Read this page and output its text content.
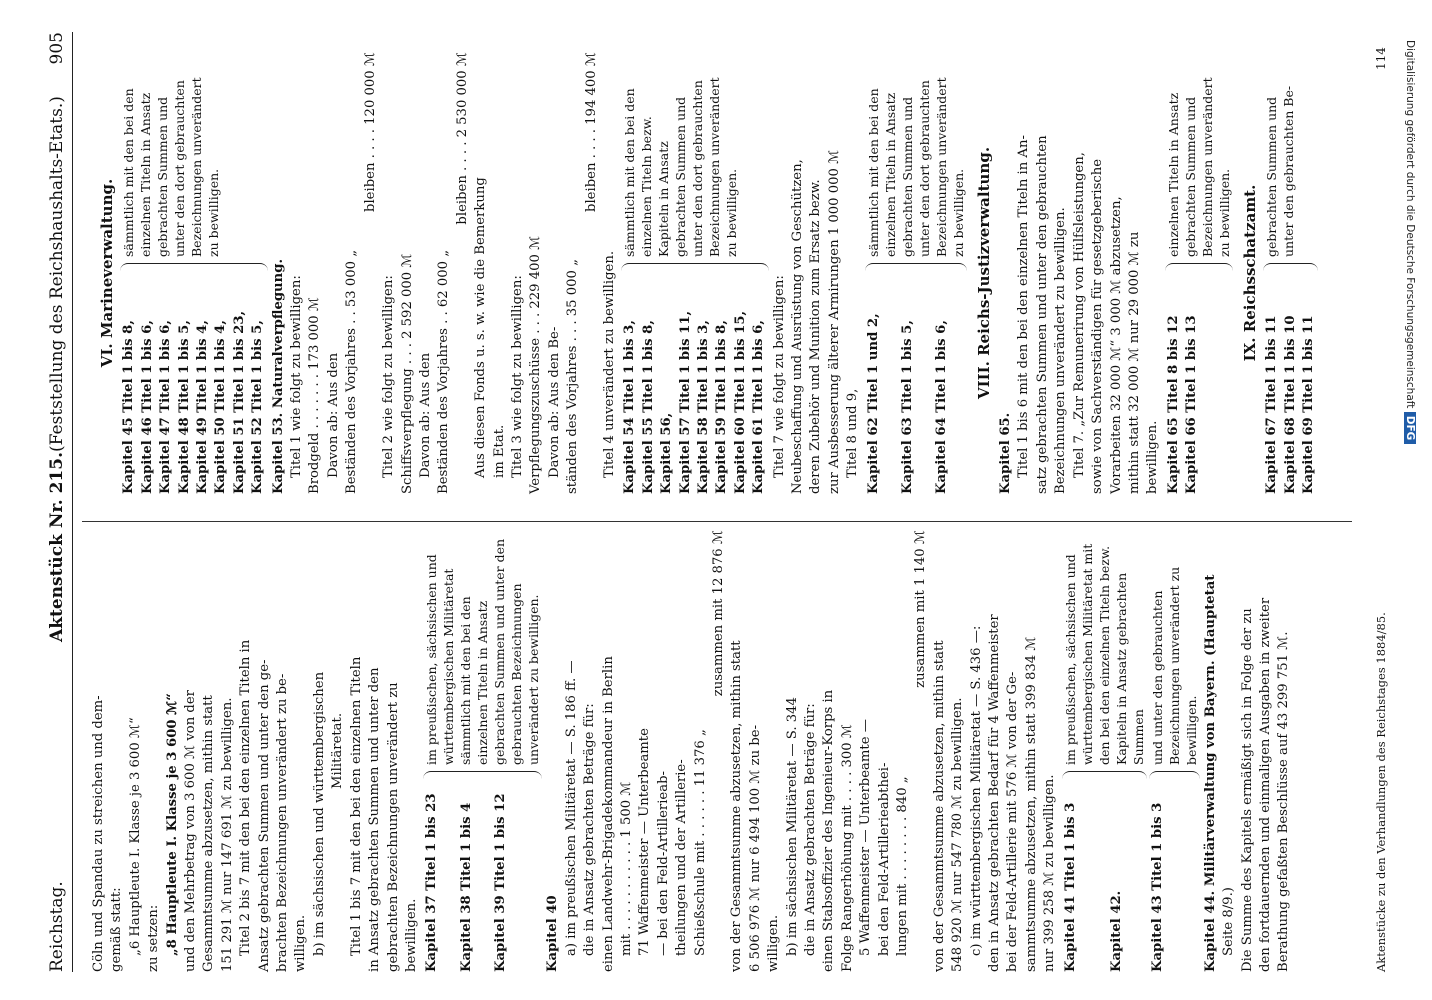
Reichstag.
Aktenstück Nr. 215.
(Feststellung des Reichshaushalts-Etats.)
905

Cöln und Spandau zu streichen und dem- gemäß statt: „6 Hauptleute I. Klasse je 3 600 ℳ“ zu setzen: „8 Hauptleute I. Klasse je 3 600 ℳ“ und den Mehrbetrag von 3 600 ℳ von der Gesammtsumme abzusetzen, mithin statt 151 291 ℳ nur 147 691 ℳ zu bewilligen. Titel 2 bis 7 mit den bei den einzelnen Titeln in Ansatz gebrachten Summen und unter den ge- brachten Bezeichnungen unverändert zu be- willigen. b) im sächsischen und württembergischen Militäretat. Titel 1 bis 7 mit den bei den einzelnen Titeln in Ansatz gebrachten Summen und unter den gebrachten Bezeichnungen unverändert zu bewilligen. Kapitel 37 Titel 1 bis 23 Kapitel 38 Titel 1 bis 4 Kapitel 39 Titel 1 bis 12

im preußischen, sächsischen und württembergischen Militäretat sämmtlich mit den bei den einzelnen Titeln in Ansatz gebrachten Summen und unter den gebrauchten Bezeichnungen unverändert zu bewilligen.

Kapitel 40 a) im preußischen Militäretat — S. 186 ff. — die in Ansatz gebrachten Beträge für: einen Landwehr-Brigadekommandeur in Berlin mit . . . . . . . . . . . 1 500 ℳ 71 Waffenmeister — Unterbeamte — bei den Feld-Artillerieab- theilungen und der Artillerie- Schießschule mit . . . . . . 11 376 „

zusammen mit 12 876 ℳ

von der Gesammtsumme abzusetzen, mithin statt 6 506 976 ℳ nur 6 494 100 ℳ zu be- willigen. b) im sächsischen Militäretat — S. 344 die in Ansatz gebrachten Beträge für: einen Stabsoffizier des Ingenieur-Korps in Folge Rangerhöhung mit . . . . 300 ℳ 5 Waffenmeister — Unterbeamte — bei den Feld-Artillerieabthei- lungen mit . . . . . . . . 840 „

zusammen mit 1 140 ℳ

von der Gesammtsumme abzusetzen, mithin statt 548 920 ℳ nur 547 780 ℳ zu bewilligen. c) im württembergischen Militäretat — S. 436 —: den in Ansatz gebrachten Bedarf für 4 Waffenmeister bei der Feld-Artillerie mit 576 ℳ von der Ge- sammtsumme abzusetzen, mithin statt 399 834 ℳ nur 399 258 ℳ zu bewilligen. Kapitel 41 Titel 1 bis 3 Kapitel 42.

im preußischen, sächsischen und württembergischen Militäretat mit den bei den einzelnen Titeln bezw. Kapiteln in Ansatz gebrachten Summen

Kapitel 43 Titel 1 bis 3

und unter den gebrauchten Bezeichnungen unverändert zu bewilligen. Kapitel 44. Militärverwaltung von Bayern. (Hauptetat Seite 8/9.) Die Summe des Kapitels ermäßigt sich in Folge der zu den fortdauernden und einmaligen Ausgaben in zweiter Berathung gefaßten Beschlüsse auf 43 299 751 ℳ.

VI. Marineverwaltung.

Kapitel 45 Titel 1 bis 8, Kapitel 46 Titel 1 bis 6, Kapitel 47 Titel 1 bis 6, Kapitel 48 Titel 1 bis 5, Kapitel 49 Titel 1 bis 4, Kapitel 50 Titel 1 bis 4, Kapitel 51 Titel 1 bis 23, Kapitel 52 Titel 1 bis 5,

sämmtlich mit den bei den einzelnen Titeln in Ansatz gebrachten Summen und unter den dort gebrauchten Bezeichnungen unverändert zu bewilligen.

Kapitel 53. Naturalverpflegung. Titel 1 wie folgt zu bewilligen: Brodgeld . . . . . . . 173 000 ℳ Davon ab: Aus den Beständen des Vorjahres . . 53 000 „

bleiben . . . . 120 000 ℳ

Titel 2 wie folgt zu bewilligen: Schiffsverpflegung . . . 2 592 000 ℳ Davon ab: Aus den Beständen des Vorjahres . . 62 000 „

bleiben . . . . 2 530 000 ℳ

Aus diesen Fonds u. s. w. wie die Bemerkung im Etat. Titel 3 wie folgt zu bewilligen: Verpflegungszuschüsse . . . 229 400 ℳ Davon ab: Aus den Be- ständen des Vorjahres . . . 35 000 „

bleiben . . . . 194 400 ℳ

Titel 4 unverändert zu bewilligen. Kapitel 54 Titel 1 bis 3, Kapitel 55 Titel 1 bis 8, Kapitel 56, Kapitel 57 Titel 1 bis 11, Kapitel 58 Titel 1 bis 3, Kapitel 59 Titel 1 bis 8, Kapitel 60 Titel 1 bis 15, Kapitel 61 Titel 1 bis 6,

sämmtlich mit den bei den einzelnen Titeln bezw. Kapiteln in Ansatz gebrachten Summen und unter den dort gebrauchten Bezeichnungen unverändert zu bewilligen.

Titel 7 wie folgt zu bewilligen: Neubeschaffung und Ausrüstung von Geschützen, deren Zubehör und Munition zum Ersatz bezw. zur Ausbesserung älterer Armirungen 1 000 000 ℳ Titel 8 und 9, Kapitel 62 Titel 1 und 2, Kapitel 63 Titel 1 bis 5, Kapitel 64 Titel 1 bis 6,

sämmtlich mit den bei den einzelnen Titeln in Ansatz gebrachten Summen und unter den dort gebrauchten Bezeichnungen unverändert zu bewilligen. VIII. Reichs-Justizverwaltung.

Kapitel 65. Titel 1 bis 6 mit den bei den einzelnen Titeln in An- satz gebrachten Summen und unter den gebrauchten Bezeichnungen unverändert zu bewilligen. Titel 7. „Zur Remunerirung von Hülfsleistungen, sowie von Sachverständigen für gesetzgeberische Vorarbeiten 32 000 ℳ“ 3 000 ℳ abzusetzen, mithin statt 32 000 ℳ nur 29 000 ℳ zu bewilligen. Kapitel 65 Titel 8 bis 12 Kapitel 66 Titel 1 bis 13

einzelnen Titeln in Ansatz gebrachten Summen und Bezeichnungen unverändert zu bewilligen. IX. Reichsschatzamt.

Kapitel 67 Titel 1 bis 11 Kapitel 68 Titel 1 bis 10 Kapitel 69 Titel 1 bis 11

gebrachten Summen und unter den gebrauchten Be-
Aktenstücke zu den Verhandlungen des Reichstages 1884/85.
114 Digitalisierung gefördert durch die Deutsche Forschungsgemeinschaft DFG
